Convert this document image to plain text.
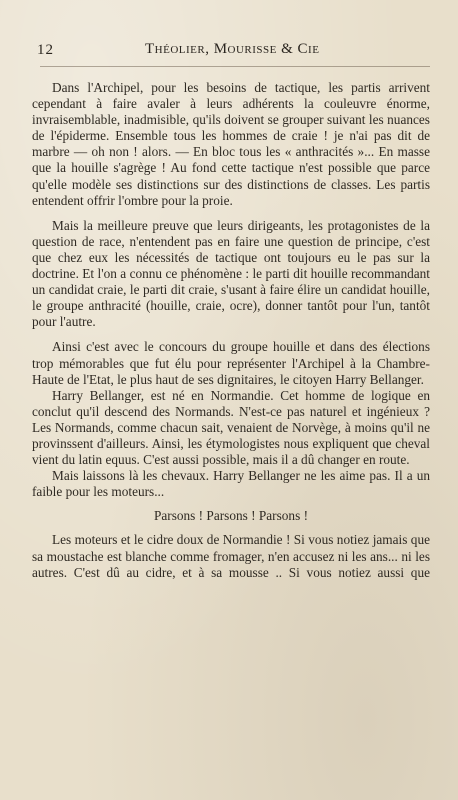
12	Théolier, Mourisse & Cie

Dans l'Archipel, pour les besoins de tactique, les partis arrivent cependant à faire avaler à leurs adhérents la couleuvre énorme, invraisemblable, inadmisible, qu'ils doivent se grouper suivant les nuances de l'épiderme. Ensemble tous les hommes de craie ! je n'ai pas dit de marbre — oh non ! alors. — En bloc tous les « anthracités »... En masse que la houille s'agrège ! Au fond cette tactique n'est possible que parce qu'elle modèle ses distinctions sur des distinctions de classes. Les partis entendent offrir l'ombre pour la proie.

Mais la meilleure preuve que leurs dirigeants, les protagonistes de la question de race, n'entendent pas en faire une question de principe, c'est que chez eux les nécessités de tactique ont toujours eu le pas sur la doctrine. Et l'on a connu ce phénomène : le parti dit houille recommandant un candidat craie, le parti dit craie, s'usant à faire élire un candidat houille, le groupe anthracité (houille, craie, ocre), donner tantôt pour l'un, tantôt pour l'autre.

Ainsi c'est avec le concours du groupe houille et dans des élections trop mémorables que fut élu pour représenter l'Archipel à la Chambre-Haute de l'Etat, le plus haut de ses dignitaires, le citoyen Harry Bellanger.

Harry Bellanger, est né en Normandie. Cet homme de logique en conclut qu'il descend des Normands. N'est-ce pas naturel et ingénieux ? Les Normands, comme chacun sait, venaient de Norvège, à moins qu'il ne provinssent d'ailleurs. Ainsi, les étymologistes nous expliquent que cheval vient du latin equus. C'est aussi possible, mais il a dû changer en route.

Mais laissons là les chevaux. Harry Bellanger ne les aime pas. Il a un faible pour les moteurs...

Parsons ! Parsons ! Parsons !

Les moteurs et le cidre doux de Normandie ! Si vous notiez jamais que sa moustache est blanche comme fromager, n'en accusez ni les ans... ni les autres. C'est dû au cidre, et à sa mousse .. Si vous notiez aussi que
